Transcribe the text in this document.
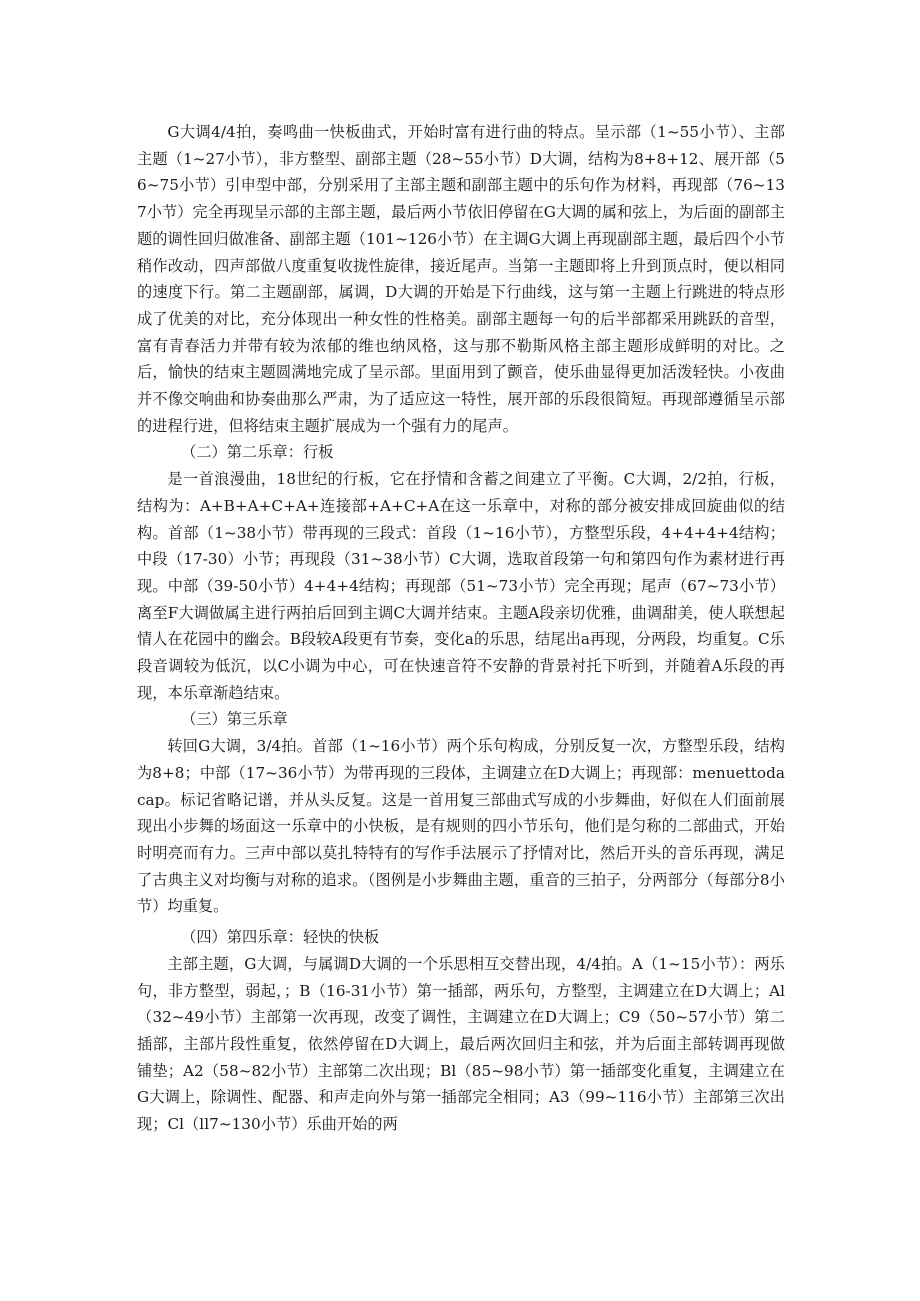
G大调4/4拍，奏鸣曲一快板曲式，开始时富有进行曲的特点。呈示部（1~55小节）、主部主题（1~27小节），非方整型、副部主题（28~55小节）D大调，结构为8+8+12、展开部（56~75小节）引申型中部，分别采用了主部主题和副部主题中的乐句作为材料，再现部（76~137小节）完全再现呈示部的主部主题，最后两小节依旧停留在G大调的属和弦上，为后面的副部主题的调性回归做准备、副部主题（101~126小节）在主调G大调上再现副部主题，最后四个小节稍作改动，四声部做八度重复收拢性旋律，接近尾声。当第一主题即将上升到顶点时，便以相同的速度下行。第二主题副部，属调，D大调的开始是下行曲线，这与第一主题上行跳进的特点形成了优美的对比，充分体现出一种女性的性格美。副部主题每一句的后半部都采用跳跃的音型，富有青春活力并带有较为浓郁的维也纳风格，这与那不勒斯风格主部主题形成鲜明的对比。之后，愉快的结束主题圆满地完成了呈示部。里面用到了颤音，使乐曲显得更加活泼轻快。小夜曲并不像交响曲和协奏曲那么严肃，为了适应这一特性，展开部的乐段很简短。再现部遵循呈示部的进程行进，但将结束主题扩展成为一个强有力的尾声。

（二）第二乐章：行板

是一首浪漫曲，18世纪的行板，它在抒情和含蓄之间建立了平衡。C大调，2/2拍，行板，结构为：A+B+A+C+A+连接部+A+C+A在这一乐章中，对称的部分被安排成回旋曲似的结构。首部（1~38小节）带再现的三段式：首段（1~16小节），方整型乐段，4+4+4+4结构；中段（17-30）小节；再现段（31~38小节）C大调，选取首段第一句和第四句作为素材进行再现。中部（39-50小节）4+4+4结构；再现部（51~73小节）完全再现；尾声（67~73小节）离至F大调做属主进行两拍后回到主调C大调并结束。主题A段亲切优雅，曲调甜美，使人联想起情人在花园中的幽会。B段较A段更有节奏，变化a的乐思，结尾出a再现，分两段，均重复。C乐段音调较为低沉，以C小调为中心，可在快速音符不安静的背景衬托下听到，并随着A乐段的再现，本乐章渐趋结束。

（三）第三乐章

转回G大调，3/4拍。首部（1~16小节）两个乐句构成，分别反复一次，方整型乐段，结构为8+8；中部（17~36小节）为带再现的三段体，主调建立在D大调上；再现部：menuettodacap。标记省略记谱，并从头反复。这是一首用复三部曲式写成的小步舞曲，好似在人们面前展现出小步舞的场面这一乐章中的小快板，是有规则的四小节乐句，他们是匀称的二部曲式，开始时明亮而有力。三声中部以莫扎特特有的写作手法展示了抒情对比，然后开头的音乐再现，满足了古典主义对均衡与对称的追求。（图例是小步舞曲主题，重音的三拍子，分两部分（每部分8小节）均重复。

（四）第四乐章：轻快的快板

主部主题，G大调，与属调D大调的一个乐思相互交替出现，4/4拍。A（1~15小节）：两乐句，非方整型，弱起，；B（16-31小节）第一插部，两乐句，方整型，主调建立在D大调上；Al（32~49小节）主部第一次再现，改变了调性，主调建立在D大调上；C9（50~57小节）第二插部，主部片段性重复，依然停留在D大调上，最后两次回归主和弦，并为后面主部转调再现做铺垫；A2（58~82小节）主部第二次出现；Bl（85~98小节）第一插部变化重复，主调建立在G大调上，除调性、配器、和声走向外与第一插部完全相同；A3（99~116小节）主部第三次出现；Cl（ll7~130小节）乐曲开始的两
